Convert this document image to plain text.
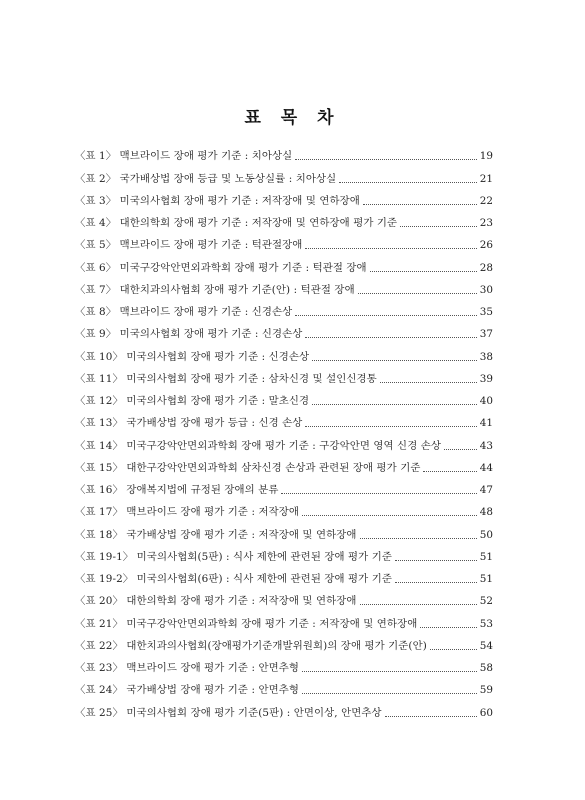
표 목 차
〈표 1〉 맥브라이드 장애 평가 기준 : 치아상실	19
〈표 2〉 국가배상법 장애 등급 및 노동상실률 : 치아상실	21
〈표 3〉 미국의사협회 장애 평가 기준 : 저작장애 및 연하장애	22
〈표 4〉 대한의학회 장애 평가 기준 : 저작장애 및 연하장애 평가 기준	23
〈표 5〉 맥브라이드 장애 평가 기준 : 턱관절장애	26
〈표 6〉 미국구강악안면외과학회 장애 평가 기준 : 턱관절 장애	28
〈표 7〉 대한치과의사협회 장애 평가 기준(안) : 턱관절 장애	30
〈표 8〉 맥브라이드 장애 평가 기준 : 신경손상	35
〈표 9〉 미국의사협회 장애 평가 기준 : 신경손상	37
〈표 10〉 미국의사협회 장애 평가 기준 : 신경손상	38
〈표 11〉 미국의사협회 장애 평가 기준 : 삼차신경 및 설인신경통	39
〈표 12〉 미국의사협회 장애 평가 기준 : 말초신경	40
〈표 13〉 국가배상법 장애 평가 등급 : 신경 손상	41
〈표 14〉 미국구강악안면외과학회 장애 평가 기준 : 구강악안면 영역 신경 손상	43
〈표 15〉 대한구강악안면외과학회 삼차신경 손상과 관련된 장애 평가 기준	44
〈표 16〉 장애복지법에 규정된 장애의 분류	47
〈표 17〉 맥브라이드 장애 평가 기준 : 저작장애	48
〈표 18〉 국가배상법 장애 평가 기준 : 저작장애 및 연하장애	50
〈표 19-1〉 미국의사협회(5판) : 식사 제한에 관련된 장애 평가 기준	51
〈표 19-2〉 미국의사협회(6판) : 식사 제한에 관련된 장애 평가 기준	51
〈표 20〉 대한의학회 장애 평가 기준 : 저작장애 및 연하장애	52
〈표 21〉 미국구강악안면외과학회 장애 평가 기준 : 저작장애 및 연하장애	53
〈표 22〉 대한치과의사협회(장애평가기준개발위원회)의 장애 평가 기준(안)	54
〈표 23〉 맥브라이드 장애 평가 기준 : 안면추형	58
〈표 24〉 국가배상법 장애 평가 기준 : 안면추형	59
〈표 25〉 미국의사협회 장애 평가 기준(5판) : 안면이상, 안면추상	60
